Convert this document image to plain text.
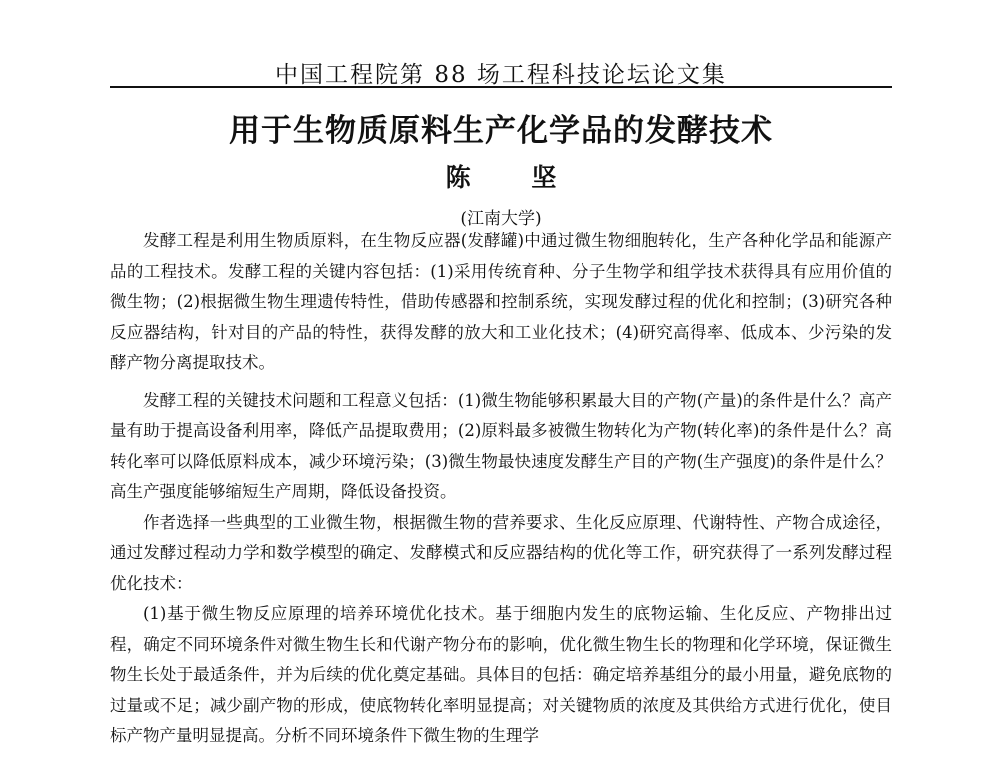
中国工程院第 88 场工程科技论坛论文集
用于生物质原料生产化学品的发酵技术
陈 坚
(江南大学)

发酵工程是利用生物质原料，在生物反应器(发酵罐)中通过微生物细胞转化，生产各种化学品和能源产品的工程技术。发酵工程的关键内容包括：(1)采用传统育种、分子生物学和组学技术获得具有应用价值的微生物；(2)根据微生物生理遗传特性，借助传感器和控制系统，实现发酵过程的优化和控制；(3)研究各种反应器结构，针对目的产品的特性，获得发酵的放大和工业化技术；(4)研究高得率、低成本、少污染的发酵产物分离提取技术。

发酵工程的关键技术问题和工程意义包括：(1)微生物能够积累最大目的产物(产量)的条件是什么？高产量有助于提高设备利用率，降低产品提取费用；(2)原料最多被微生物转化为产物(转化率)的条件是什么？高转化率可以降低原料成本，减少环境污染；(3)微生物最快速度发酵生产目的产物(生产强度)的条件是什么？高生产强度能够缩短生产周期，降低设备投资。

作者选择一些典型的工业微生物，根据微生物的营养要求、生化反应原理、代谢特性、产物合成途径，通过发酵过程动力学和数学模型的确定、发酵模式和反应器结构的优化等工作，研究获得了一系列发酵过程优化技术：

(1)基于微生物反应原理的培养环境优化技术。基于细胞内发生的底物运输、生化反应、产物排出过程，确定不同环境条件对微生物生长和代谢产物分布的影响，优化微生物生长的物理和化学环境，保证微生物生长处于最适条件，并为后续的优化奠定基础。具体目的包括：确定培养基组分的最小用量，避免底物的过量或不足；减少副产物的形成，使底物转化率明显提高；对关键物质的浓度及其供给方式进行优化，使目标产物产量明显提高。分析不同环境条件下微生物的生理学
